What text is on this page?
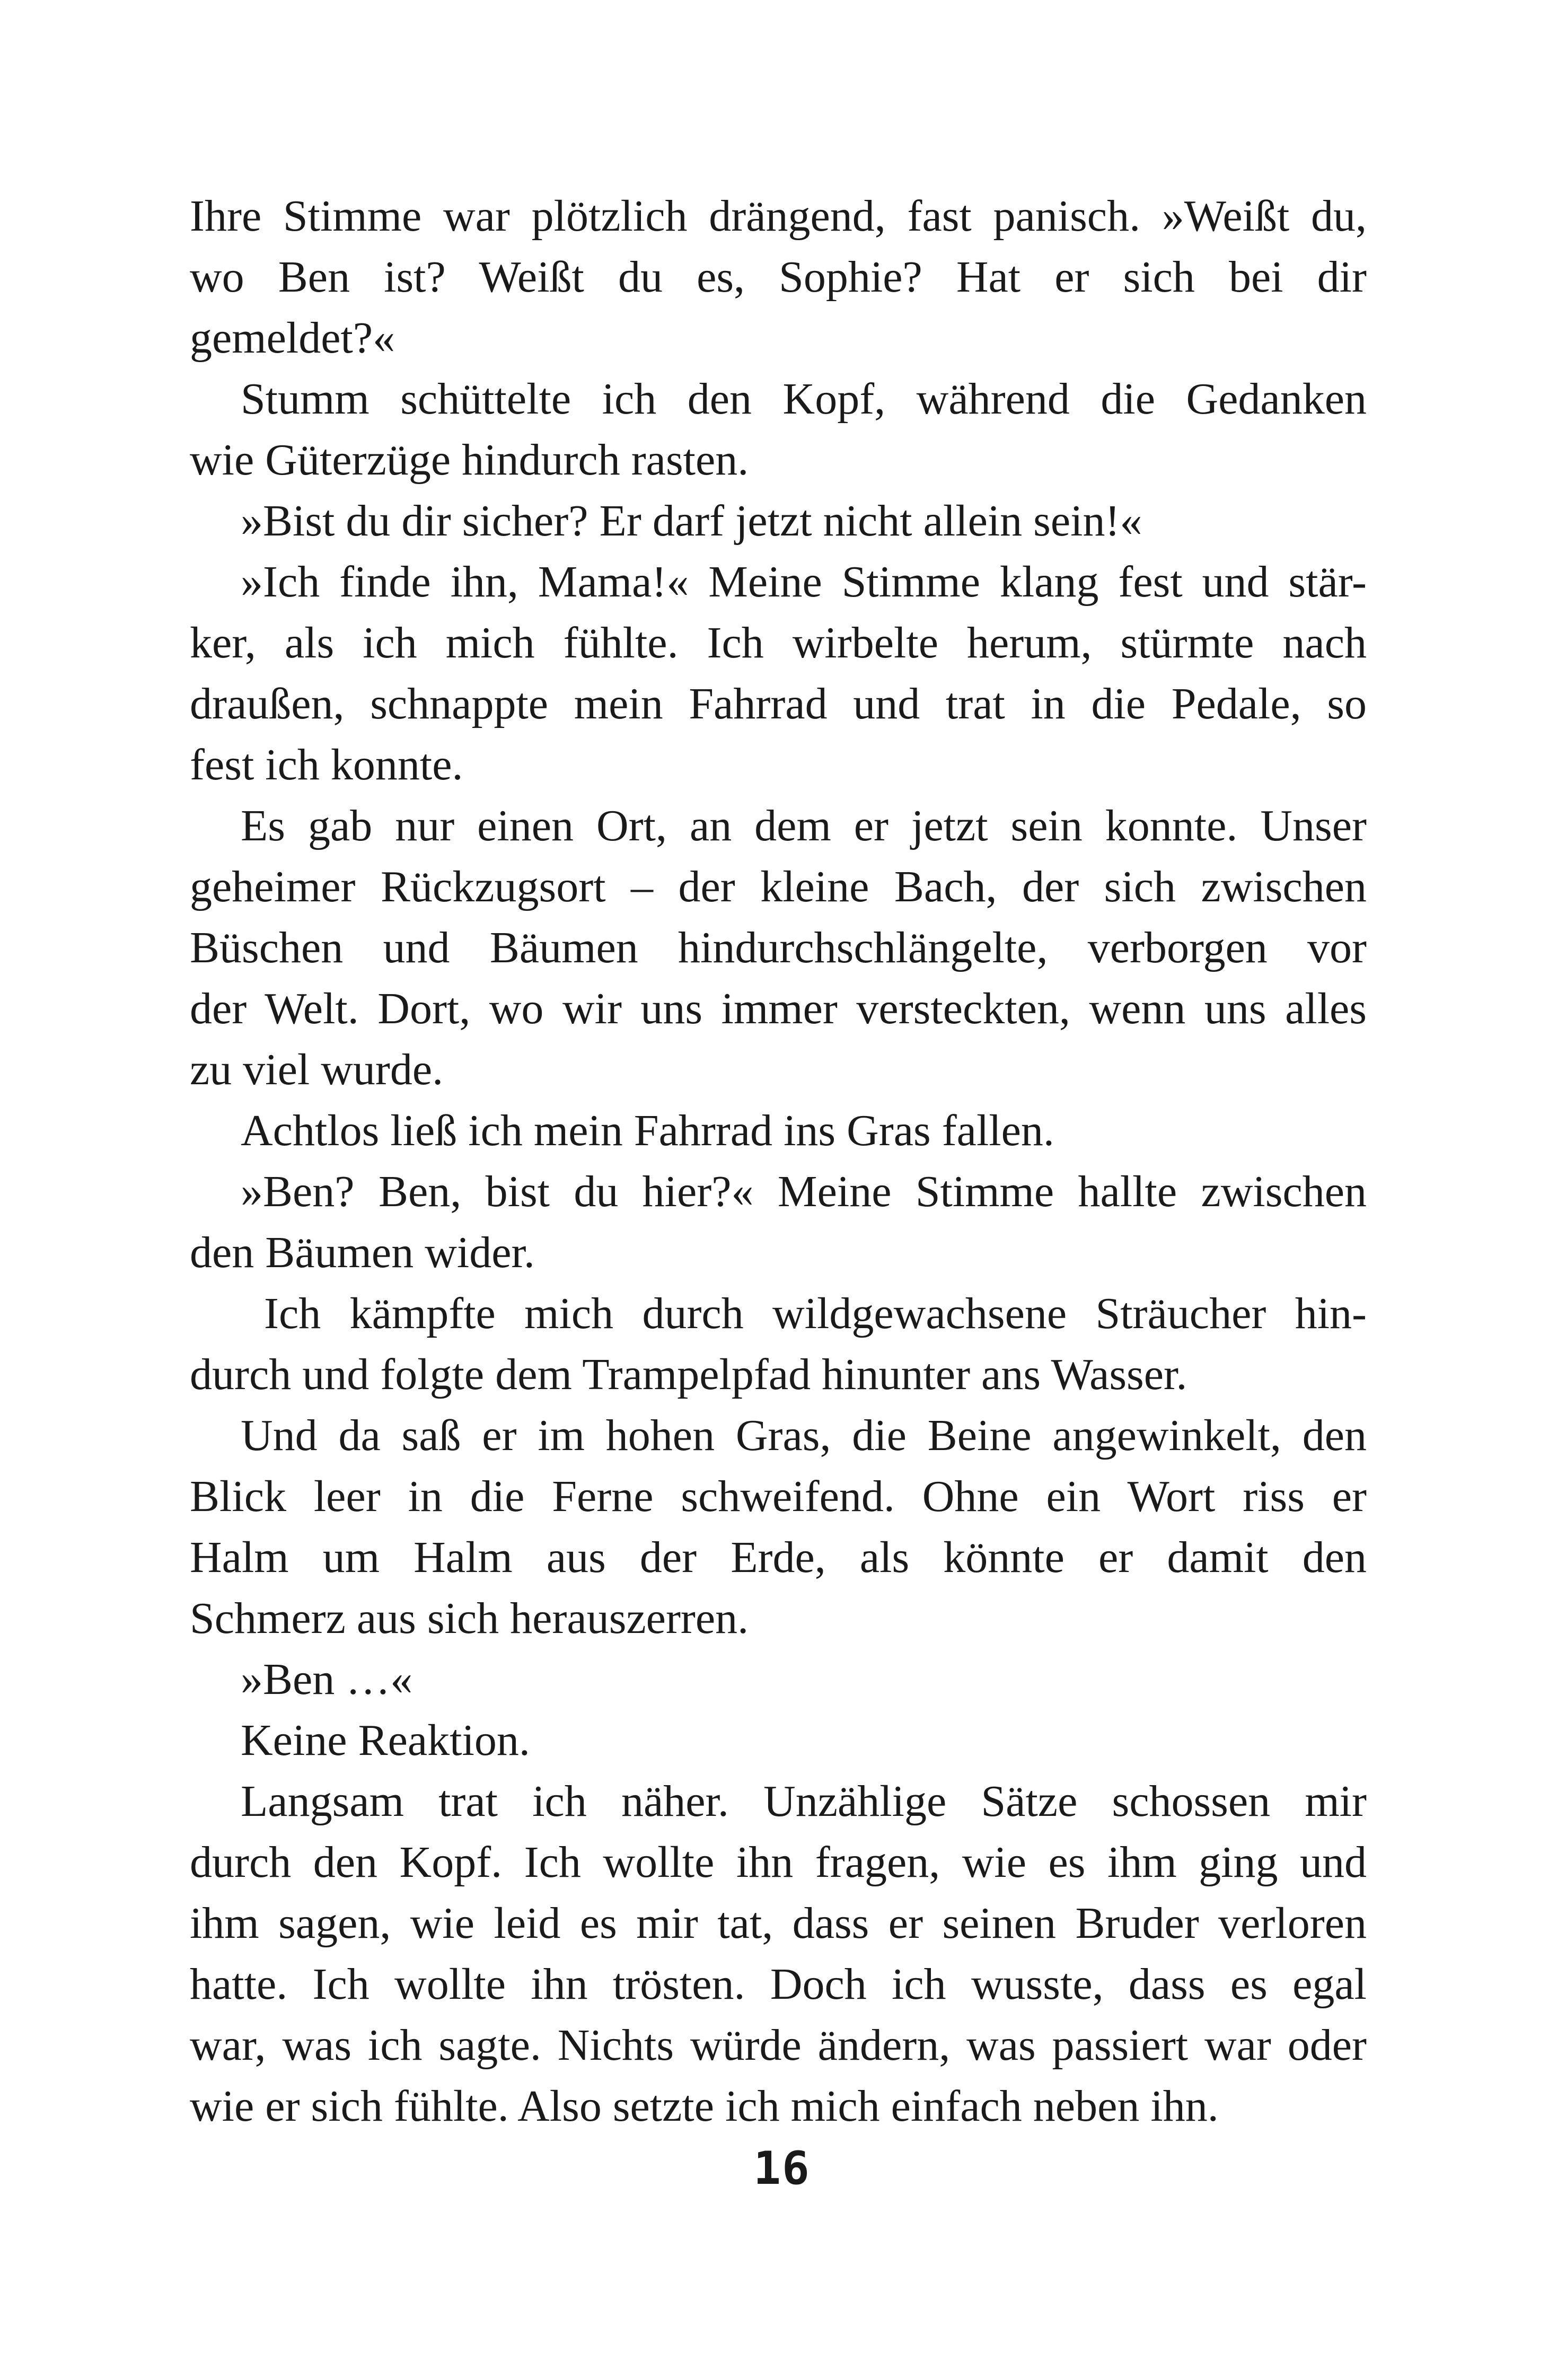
Ihre Stimme war plötzlich drängend, fast panisch. »Weißt du,
wo Ben ist? Weißt du es, Sophie? Hat er sich bei dir
gemeldet?«
Stumm schüttelte ich den Kopf, während die Gedanken
wie Güterzüge hindurch rasten.
»Bist du dir sicher? Er darf jetzt nicht allein sein!«
»Ich finde ihn, Mama!« Meine Stimme klang fest und stär-
ker, als ich mich fühlte. Ich wirbelte herum, stürmte nach
draußen, schnappte mein Fahrrad und trat in die Pedale, so
fest ich konnte.
Es gab nur einen Ort, an dem er jetzt sein konnte. Unser
geheimer Rückzugsort – der kleine Bach, der sich zwischen
Büschen und Bäumen hindurchschlängelte, verborgen vor
der Welt. Dort, wo wir uns immer versteckten, wenn uns alles
zu viel wurde.
Achtlos ließ ich mein Fahrrad ins Gras fallen.
»Ben? Ben, bist du hier?« Meine Stimme hallte zwischen
den Bäumen wider.
Ich kämpfte mich durch wildgewachsene Sträucher hin-
durch und folgte dem Trampelpfad hinunter ans Wasser.
Und da saß er im hohen Gras, die Beine angewinkelt, den
Blick leer in die Ferne schweifend. Ohne ein Wort riss er
Halm um Halm aus der Erde, als könnte er damit den
Schmerz aus sich herauszerren.
»Ben …«
Keine Reaktion.
Langsam trat ich näher. Unzählige Sätze schossen mir
durch den Kopf. Ich wollte ihn fragen, wie es ihm ging und
ihm sagen, wie leid es mir tat, dass er seinen Bruder verloren
hatte. Ich wollte ihn trösten. Doch ich wusste, dass es egal
war, was ich sagte. Nichts würde ändern, was passiert war oder
wie er sich fühlte. Also setzte ich mich einfach neben ihn.
16
